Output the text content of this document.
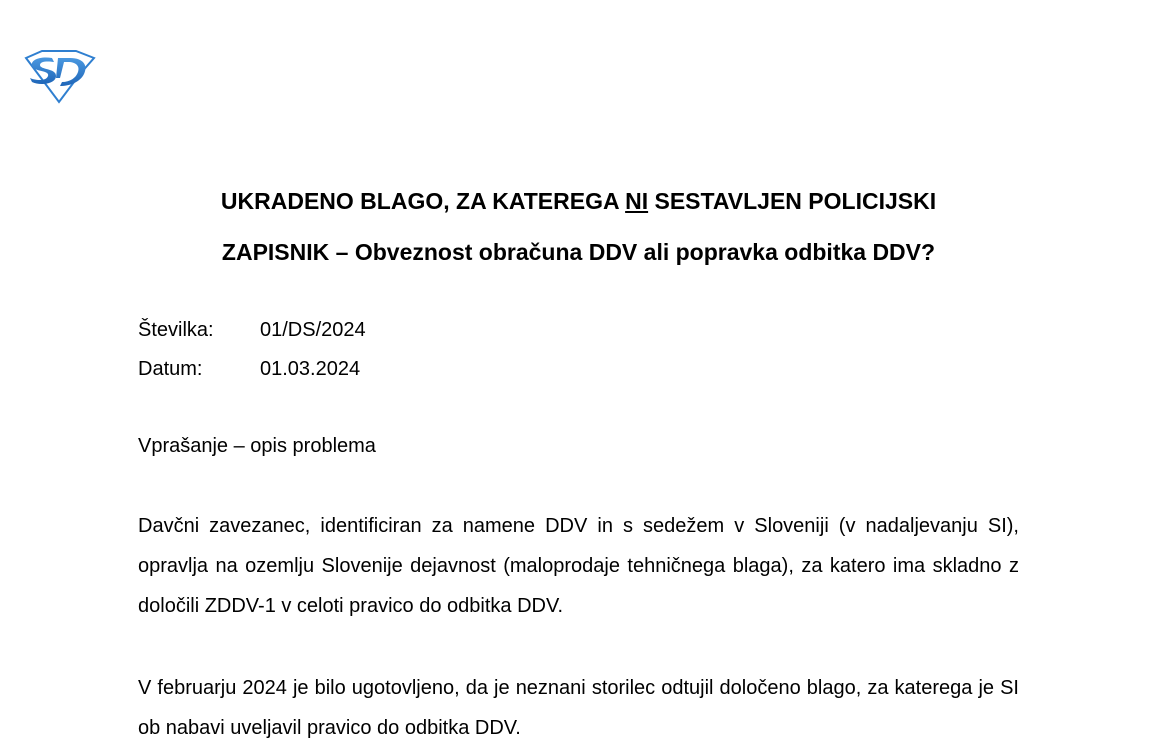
UKRADENO BLAGO, ZA KATEREGA NI SESTAVLJEN POLICIJSKI
ZAPISNIK – Obveznost obračuna DDV ali popravka odbitka DDV?
Številka:	01/DS/2024
Datum:	01.03.2024
Vprašanje – opis problema

Davčni zavezanec, identificiran za namene DDV in s sedežem v Sloveniji (v nadaljevanju SI), opravlja na ozemlju Slovenije dejavnost (maloprodaje tehničnega blaga), za katero ima skladno z določili ZDDV-1 v celoti pravico do odbitka DDV.

V februarju 2024 je bilo ugotovljeno, da je neznani storilec odtujil določeno blago, za katerega je SI ob nabavi uveljavil pravico do odbitka DDV.
